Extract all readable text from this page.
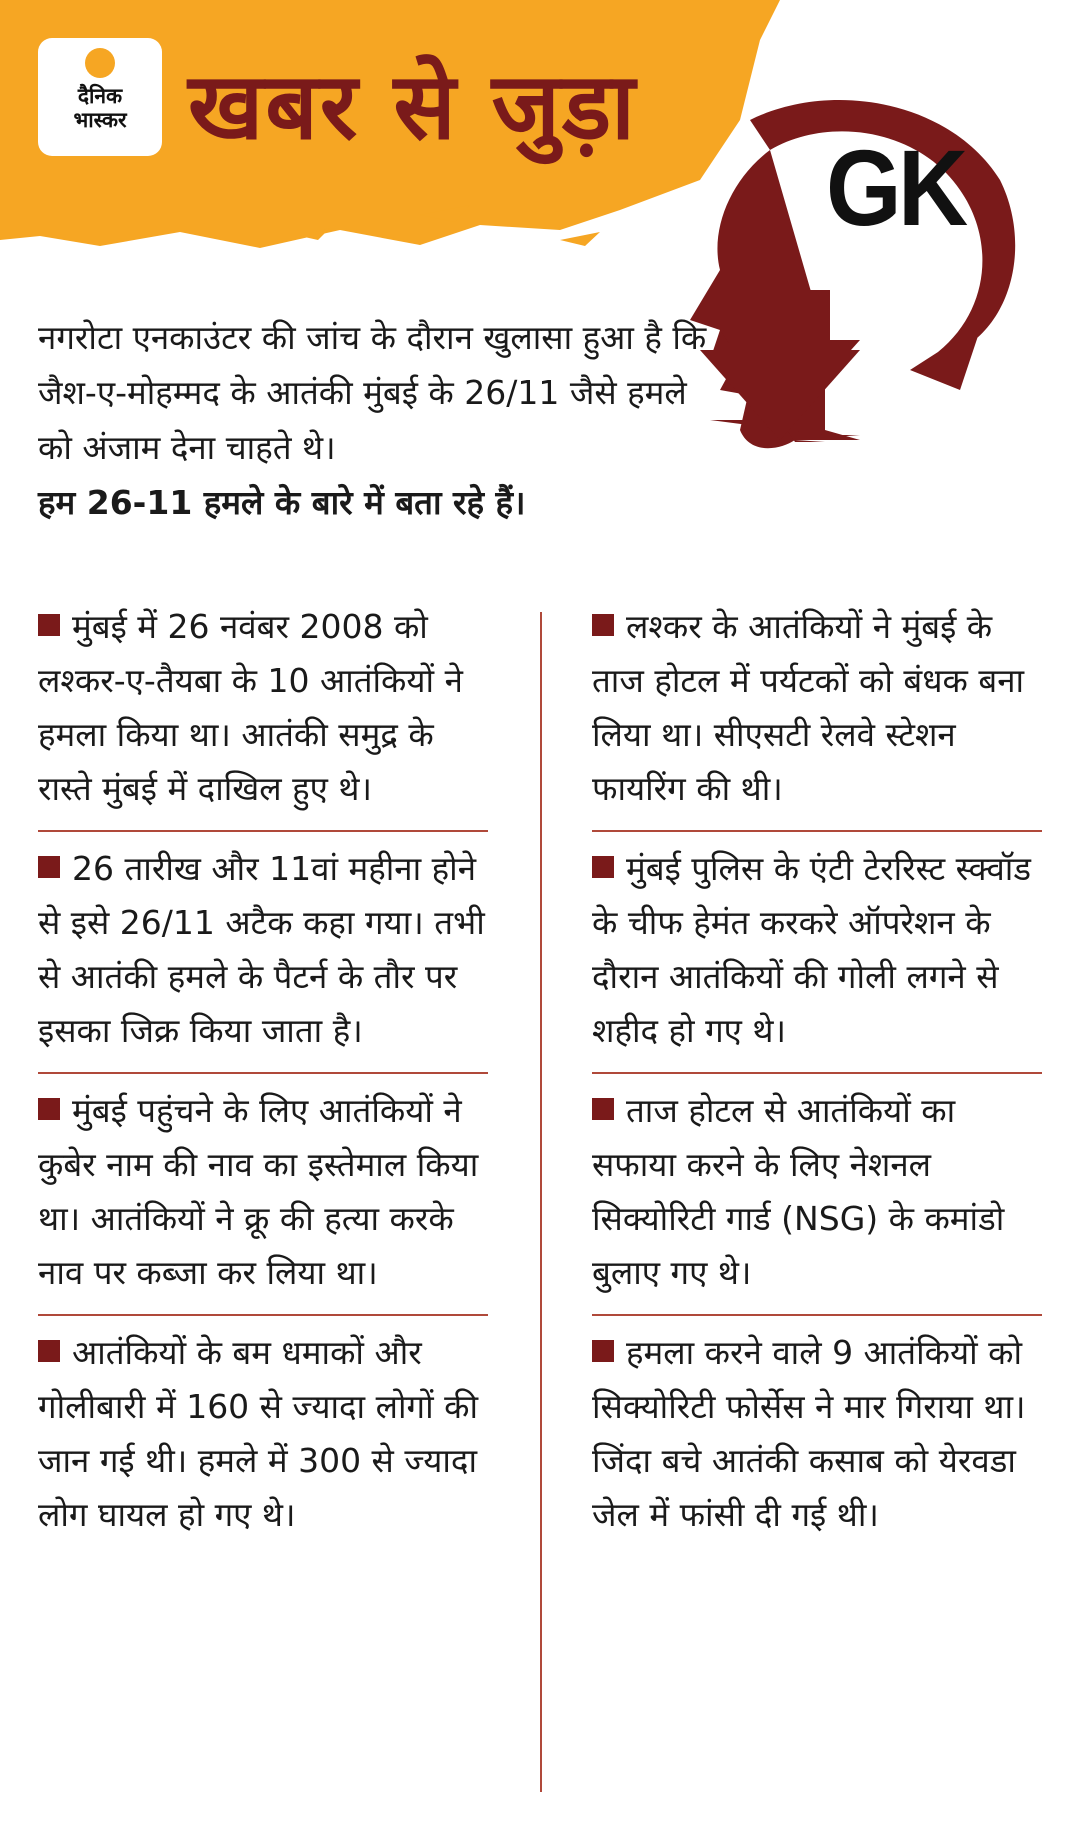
दैनिक
भास्कर खबर से जुड़ा
GK
नगरोटा एनकाउंटर की जांच के दौरान खुलासा हुआ है कि जैश-ए-मोहम्मद के आतंकी मुंबई के 26/11 जैसे हमले को अंजाम देना चाहते थे।
हम 26-11 हमले के बारे में बता रहे हैं।
मुंबई में 26 नवंबर 2008 को लश्कर-ए-तैयबा के 10 आतंकियों ने हमला किया था। आतंकी समुद्र के रास्ते मुंबई में दाखिल हुए थे।
26 तारीख और 11वां महीना होने से इसे 26/11 अटैक कहा गया। तभी से आतंकी हमले के पैटर्न के तौर पर इसका जिक्र किया जाता है।
मुंबई पहुंचने के लिए आतंकियों ने कुबेर नाम की नाव का इस्तेमाल किया था। आतंकियों ने क्रू की हत्या करके नाव पर कब्जा कर लिया था।
आतंकियों के बम धमाकों और गोलीबारी में 160 से ज्यादा लोगों की जान गई थी। हमले में 300 से ज्यादा लोग घायल हो गए थे।
लश्कर के आतंकियों ने मुंबई के ताज होटल में पर्यटकों को बंधक बना लिया था। सीएसटी रेलवे स्टेशन फायरिंग की थी।
मुंबई पुलिस के एंटी टेररिस्ट स्क्वॉड के चीफ हेमंत करकरे ऑपरेशन के दौरान आतंकियों की गोली लगने से शहीद हो गए थे।
ताज होटल से आतंकियों का सफाया करने के लिए नेशनल सिक्योरिटी गार्ड (NSG) के कमांडो बुलाए गए थे।
हमला करने वाले 9 आतंकियों को सिक्योरिटी फोर्सेस ने मार गिराया था। जिंदा बचे आतंकी कसाब को येरवडा जेल में फांसी दी गई थी।
